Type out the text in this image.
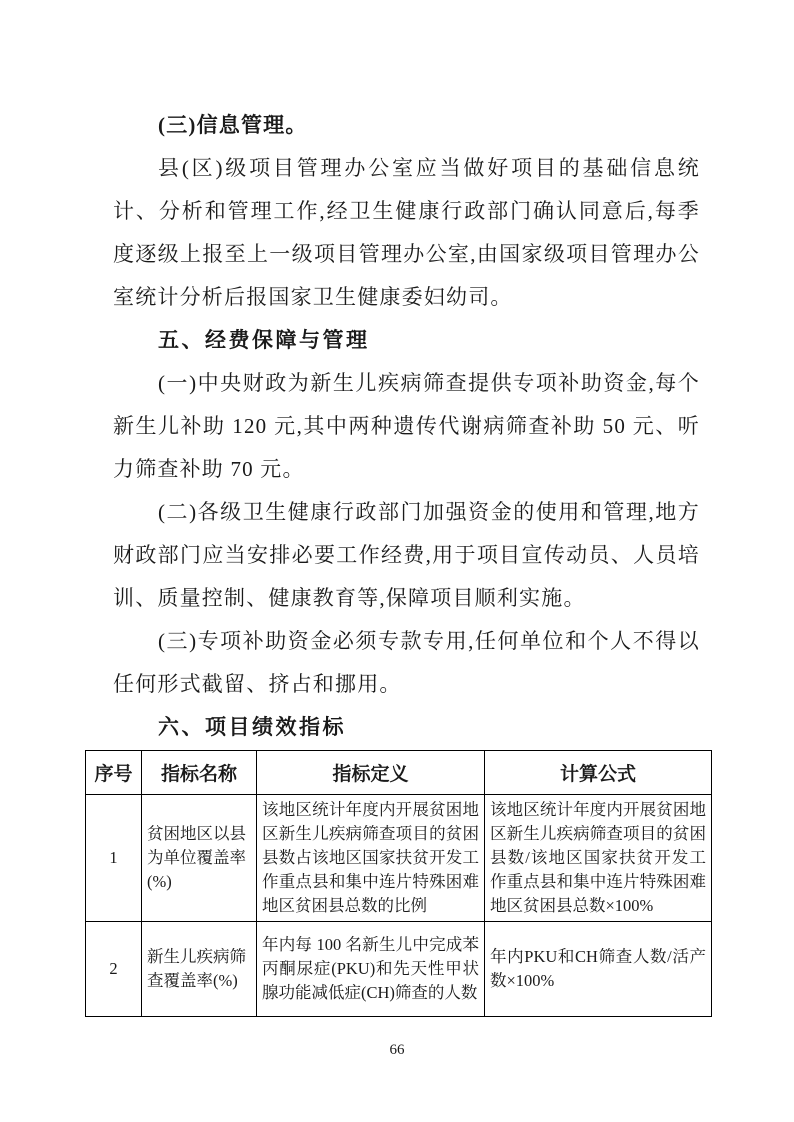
(三)信息管理。

县(区)级项目管理办公室应当做好项目的基础信息统计、分析和管理工作,经卫生健康行政部门确认同意后,每季度逐级上报至上一级项目管理办公室,由国家级项目管理办公室统计分析后报国家卫生健康委妇幼司。

五、经费保障与管理

(一)中央财政为新生儿疾病筛查提供专项补助资金,每个新生儿补助 120 元,其中两种遗传代谢病筛查补助 50 元、听力筛查补助 70 元。

(二)各级卫生健康行政部门加强资金的使用和管理,地方财政部门应当安排必要工作经费,用于项目宣传动员、人员培训、质量控制、健康教育等,保障项目顺利实施。

(三)专项补助资金必须专款专用,任何单位和个人不得以任何形式截留、挤占和挪用。

六、项目绩效指标
序号	指标名称	指标定义	计算公式
1	贫困地区以县为单位覆盖率(%)	该地区统计年度内开展贫困地区新生儿疾病筛查项目的贫困县数占该地区国家扶贫开发工作重点县和集中连片特殊困难地区贫困县总数的比例	该地区统计年度内开展贫困地区新生儿疾病筛查项目的贫困县数/该地区国家扶贫开发工作重点县和集中连片特殊困难地区贫困县总数×100%
2	新生儿疾病筛查覆盖率(%)	年内每 100 名新生儿中完成苯丙酮尿症(PKU)和先天性甲状腺功能减低症(CH)筛查的人数	年内PKU和CH筛查人数/活产数×100%
66
